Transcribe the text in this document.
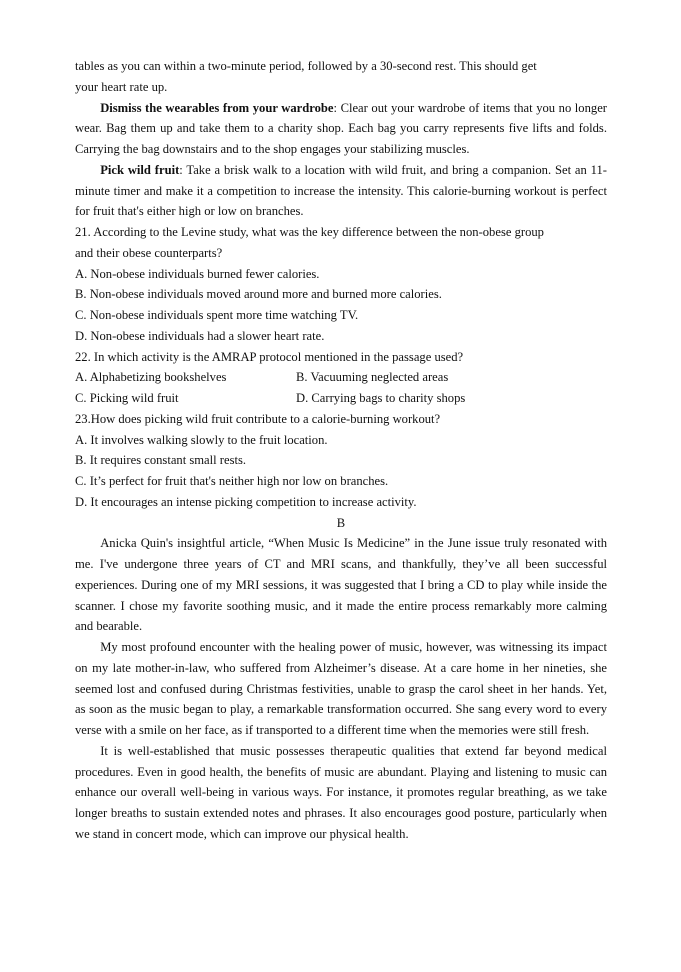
tables as you can within a two-minute period, followed by a 30-second rest. This should get
your heart rate up.

Dismiss the wearables from your wardrobe: Clear out your wardrobe of items that you no longer wear. Bag them up and take them to a charity shop. Each bag you carry represents five lifts and folds. Carrying the bag downstairs and to the shop engages your stabilizing muscles.

Pick wild fruit: Take a brisk walk to a location with wild fruit, and bring a companion. Set an 11-minute timer and make it a competition to increase the intensity. This calorie-burning workout is perfect for fruit that's either high or low on branches.

21. According to the Levine study, what was the key difference between the non-obese group
and their obese counterparts?
A. Non-obese individuals burned fewer calories.
B. Non-obese individuals moved around more and burned more calories.
C. Non-obese individuals spent more time watching TV.
D. Non-obese individuals had a slower heart rate.
22. In which activity is the AMRAP protocol mentioned in the passage used?
A. Alphabetizing bookshelves	B. Vacuuming neglected areas
C. Picking wild fruit	D. Carrying bags to charity shops
23.How does picking wild fruit contribute to a calorie-burning workout?
A. It involves walking slowly to the fruit location.
B. It requires constant small rests.
C. It’s perfect for fruit that's neither high nor low on branches.
D. It encourages an intense picking competition to increase activity.
B

Anicka Quin's insightful article, “When Music Is Medicine” in the June issue truly resonated with me. I've undergone three years of CT and MRI scans, and thankfully, they’ve all been successful experiences. During one of my MRI sessions, it was suggested that I bring a CD to play while inside the scanner. I chose my favorite soothing music, and it made the entire process remarkably more calming and bearable.

My most profound encounter with the healing power of music, however, was witnessing its impact on my late mother-in-law, who suffered from Alzheimer’s disease. At a care home in her nineties, she seemed lost and confused during Christmas festivities, unable to grasp the carol sheet in her hands. Yet, as soon as the music began to play, a remarkable transformation occurred. She sang every word to every verse with a smile on her face, as if transported to a different time when the memories were still fresh.

It is well-established that music possesses therapeutic qualities that extend far beyond medical procedures. Even in good health, the benefits of music are abundant. Playing and listening to music can enhance our overall well-being in various ways. For instance, it promotes regular breathing, as we take longer breaths to sustain extended notes and phrases. It also encourages good posture, particularly when we stand in concert mode, which can improve our physical health.
